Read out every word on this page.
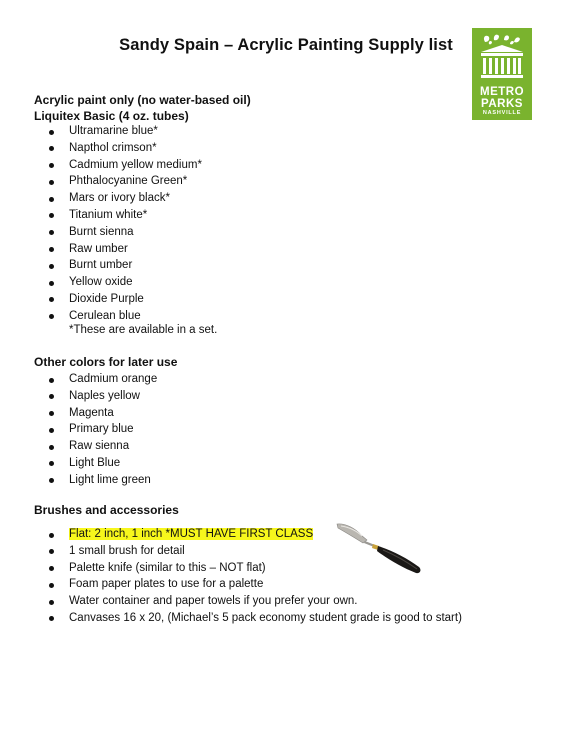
Sandy Spain – Acrylic Painting Supply list
METRO
PARKS
NASHVILLE
Acrylic paint only (no water-based oil)
Liquitex Basic (4 oz. tubes)
Ultramarine blue*
Napthol crimson*
Cadmium yellow medium*
Phthalocyanine Green*
Mars or ivory black*
Titanium white*
Burnt sienna
Raw umber
Burnt umber
Yellow oxide
Dioxide Purple
Cerulean blue
*These are available in a set.
Other colors for later use
Cadmium orange
Naples yellow
Magenta
Primary blue
Raw sienna
Light Blue
Light lime green
Brushes and accessories
Flat: 2 inch, 1 inch *MUST HAVE FIRST CLASS
1 small brush for detail
Palette knife (similar to this – NOT flat)
Foam paper plates to use for a palette
Water container and paper towels if you prefer your own.
Canvases 16 x 20, (Michael’s 5 pack economy student grade is good to start)
